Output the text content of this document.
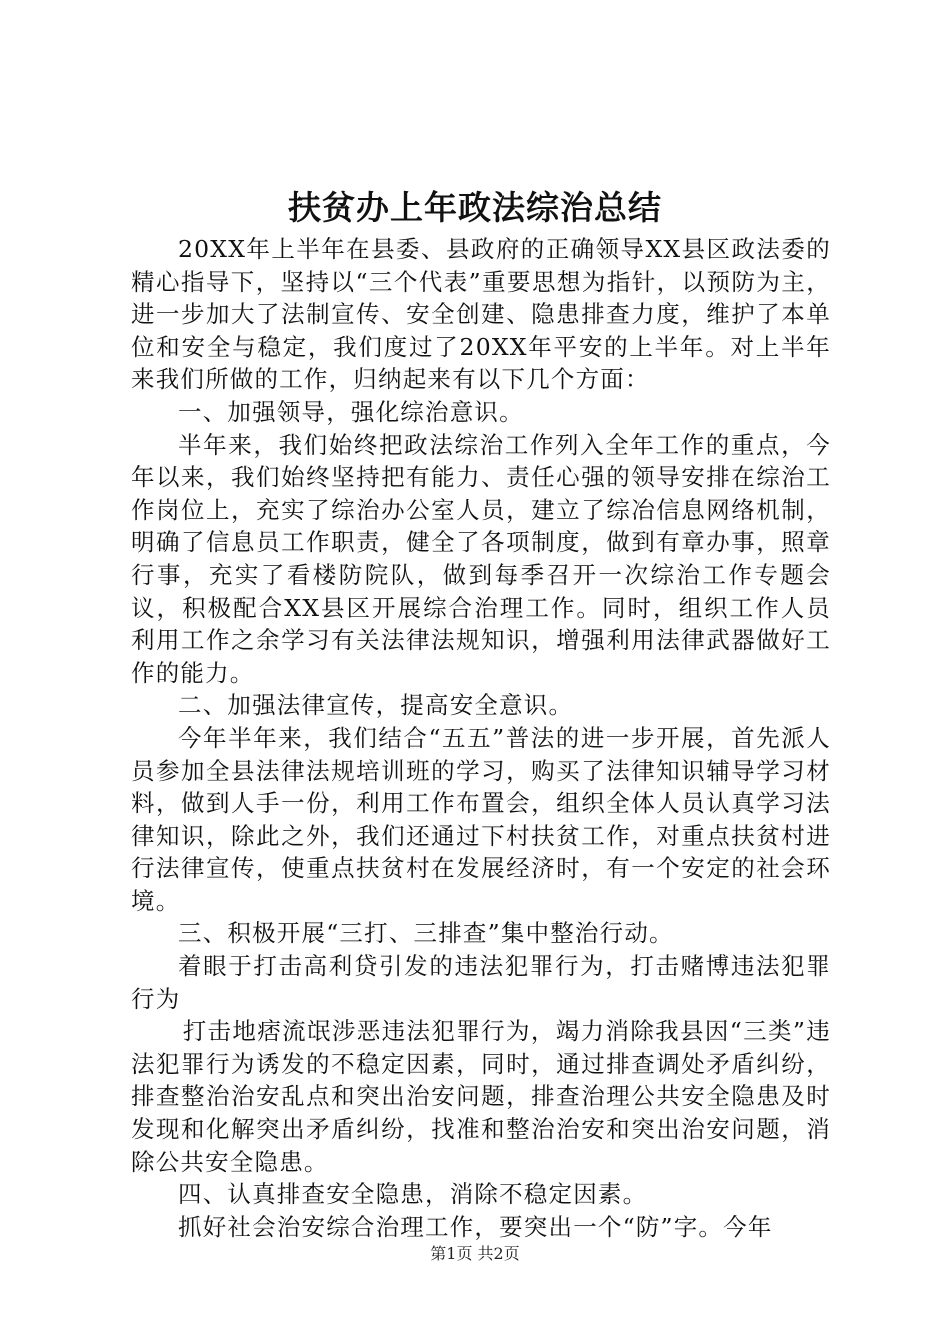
扶贫办上年政法综治总结

20XX年上半年在县委、县政府的正确领导XX县区政法委的精心指导下，坚持以“三个代表”重要思想为指针，以预防为主，进一步加大了法制宣传、安全创建、隐患排查力度，维护了本单位和安全与稳定，我们度过了20XX年平安的上半年。对上半年来我们所做的工作，归纳起来有以下几个方面：

一、加强领导，强化综治意识。

半年来，我们始终把政法综治工作列入全年工作的重点，今年以来，我们始终坚持把有能力、责任心强的领导安排在综治工作岗位上，充实了综治办公室人员，建立了综冶信息网络机制，明确了信息员工作职责，健全了各项制度，做到有章办事，照章行事，充实了看楼防院队，做到每季召开一次综治工作专题会议，积极配合XX县区开展综合治理工作。同时，组织工作人员利用工作之余学习有关法律法规知识，增强利用法律武器做好工作的能力。

二、加强法律宣传，提高安全意识。

今年半年来，我们结合“五五”普法的进一步开展，首先派人员参加全县法律法规培训班的学习，购买了法律知识辅导学习材料，做到人手一份，利用工作布置会，组织全体人员认真学习法律知识，除此之外，我们还通过下村扶贫工作，对重点扶贫村进行法律宣传，使重点扶贫村在发展经济时，有一个安定的社会环境。

三、积极开展“三打、三排查”集中整治行动。

着眼于打击高利贷引发的违法犯罪行为，打击赌博违法犯罪行为

打击地痞流氓涉恶违法犯罪行为，竭力消除我县因“三类”违法犯罪行为诱发的不稳定因素，同时，通过排查调处矛盾纠纷，排查整治治安乱点和突出治安问题，排查治理公共安全隐患及时发现和化解突出矛盾纠纷，找准和整治治安和突出治安问题，消除公共安全隐患。

四、认真排查安全隐患，消除不稳定因素。

抓好社会治安综合治理工作，要突出一个“防”字。今年

第1页 共2页
